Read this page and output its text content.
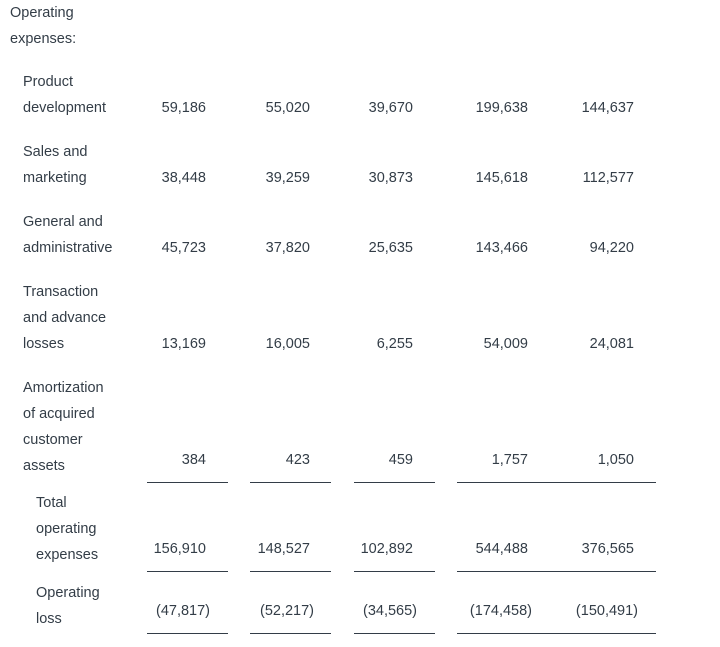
Operating
expenses:
Product
development	59,186	55,020	39,670	199,638	144,637
Sales and
marketing	38,448	39,259	30,873	145,618	112,577
General and
administrative	45,723	37,820	25,635	143,466	94,220
Transaction
and advance
losses	13,169	16,005	6,255	54,009	24,081
Amortization
of acquired
customer
assets	384	423	459	1,757	1,050
Total
operating
expenses	156,910	148,527	102,892	544,488	376,565
Operating
loss	(47,817)	(52,217)	(34,565)	(174,458)	(150,491)
